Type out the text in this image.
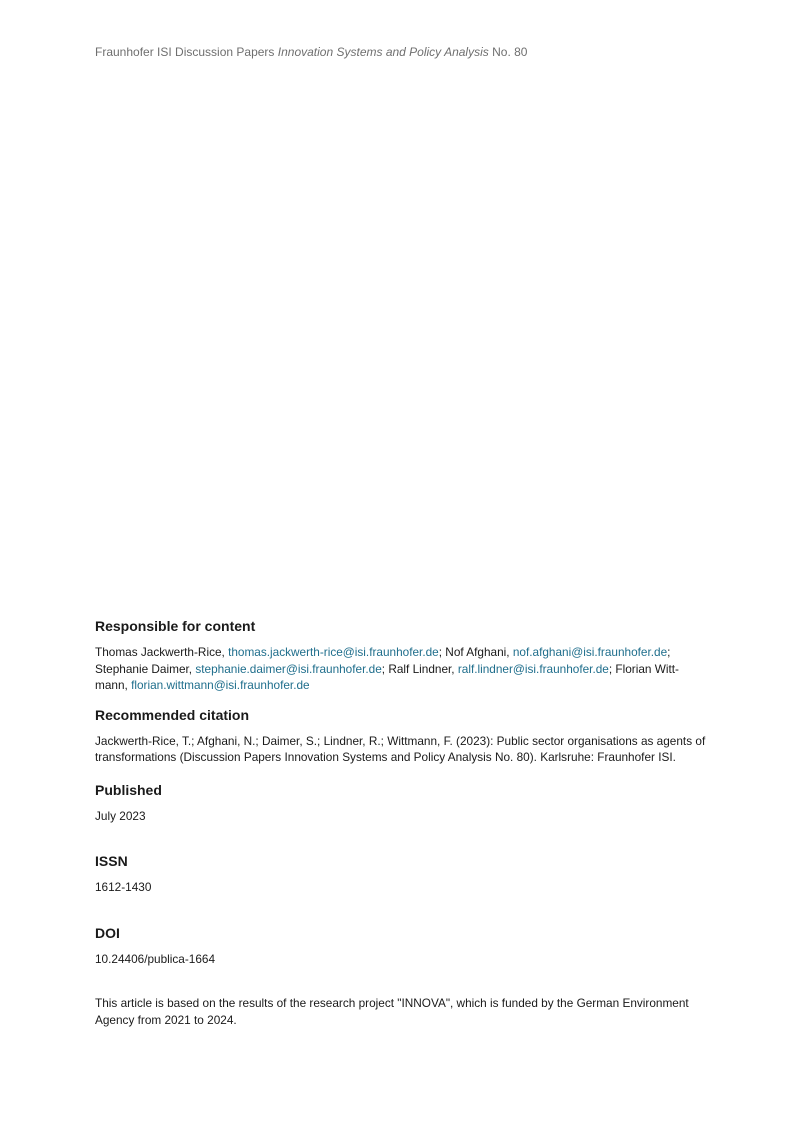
Fraunhofer ISI Discussion Papers Innovation Systems and Policy Analysis No. 80
Responsible for content

Thomas Jackwerth-Rice, thomas.jackwerth-rice@isi.fraunhofer.de; Nof Afghani, nof.afghani@isi.fraunhofer.de;
Stephanie Daimer, stephanie.daimer@isi.fraunhofer.de; Ralf Lindner, ralf.lindner@isi.fraunhofer.de; Florian Witt-mann, florian.wittmann@isi.fraunhofer.de

Recommended citation

Jackwerth-Rice, T.; Afghani, N.; Daimer, S.; Lindner, R.; Wittmann, F. (2023): Public sector organisations as agents of transformations (Discussion Papers Innovation Systems and Policy Analysis No. 80). Karlsruhe: Fraunhofer ISI.

Published

July 2023

ISSN

1612-1430

DOI

10.24406/publica-1664

This article is based on the results of the research project "INNOVA", which is funded by the German Environment Agency from 2021 to 2024.
